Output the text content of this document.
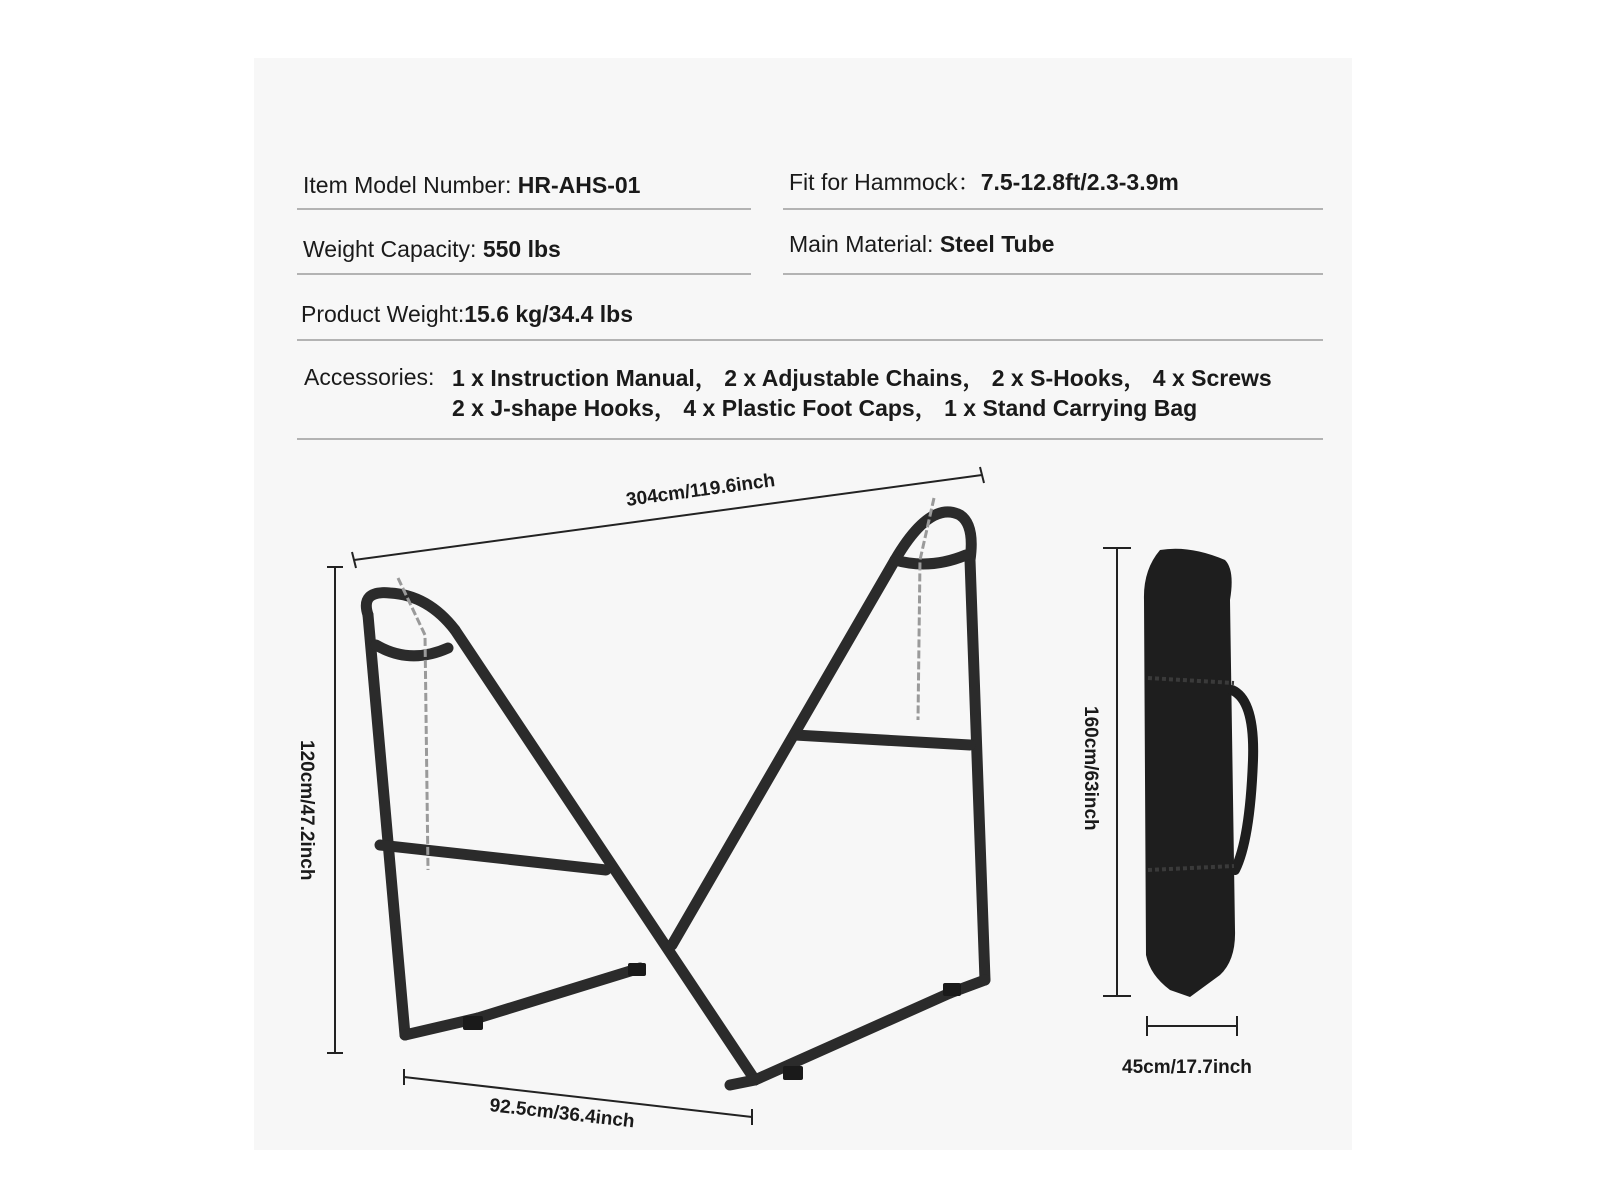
Item Model Number: HR-AHS-01	Fit for Hammock：7.5-12.8ft/2.3-3.9m
Weight Capacity: 550 lbs	Main Material: Steel Tube
Product Weight:15.6 kg/34.4 lbs
Accessories: 1 x Instruction Manual， 2 x Adjustable Chains， 2 x S-Hooks， 4 x Screws
2 x J-shape Hooks， 4 x Plastic Foot Caps， 1 x Stand Carrying Bag
304cm/119.6inch
120cm/47.2inch
92.5cm/36.4inch
160cm/63inch
45cm/17.7inch
